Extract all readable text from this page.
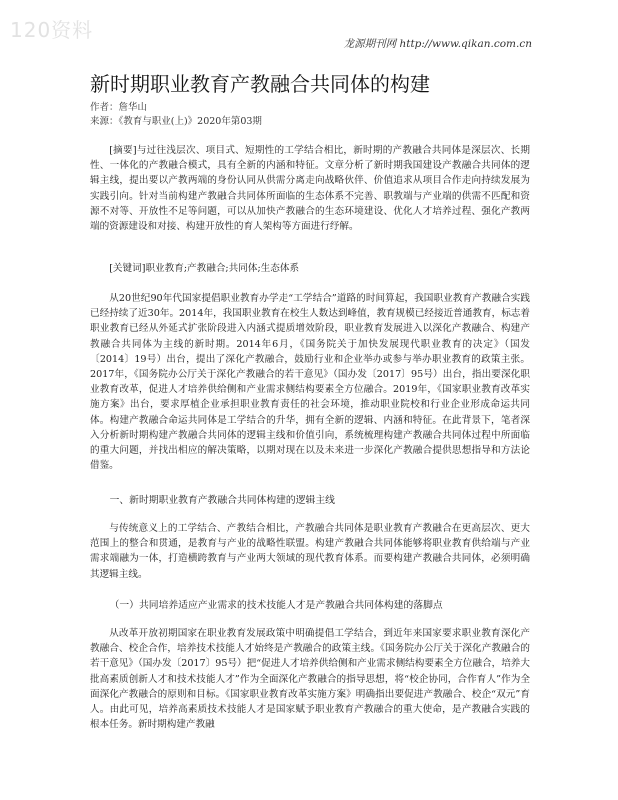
120资料
龙源期刊网 http://www.qikan.com.cn
新时期职业教育产教融合共同体的构建
作者：詹华山
来源：《教育与职业(上)》2020年第03期

[摘要]与过往浅层次、项目式、短期性的工学结合相比，新时期的产教融合共同体是深层次、长期性、一体化的产教融合模式，具有全新的内涵和特征。文章分析了新时期我国建设产教融合共同体的逻辑主线，提出要以产教两端的身份认同从供需分离走向战略伙伴、价值追求从项目合作走向持续发展为实践引向。针对当前构建产教融合共同体所面临的生态体系不完善、职教端与产业端的供需不匹配和资源不对等、开放性不足等问题，可以从加快产教融合的生态环境建设、优化人才培养过程、强化产教两端的资源建设和对接、构建开放性的育人架构等方面进行纾解。

[关键词]职业教育;产教融合;共同体;生态体系

从20世纪90年代国家提倡职业教育办学走“工学结合”道路的时间算起，我国职业教育产教融合实践已经持续了近30年。2014年，我国职业教育在校生人数达到峰值，教育规模已经接近普通教育，标志着职业教育已经从外延式扩张阶段进入内涵式提质增效阶段，职业教育发展进入以深化产教融合、构建产教融合共同体为主线的新时期。2014年6月，《国务院关于加快发展现代职业教育的决定》（国发〔2014〕19号）出台，提出了深化产教融合，鼓励行业和企业举办或参与举办职业教育的政策主张。2017年，《国务院办公厅关于深化产教融合的若干意见》（国办发〔2017〕95号）出台，指出要深化职业教育改革，促进人才培养供给侧和产业需求侧结构要素全方位融合。2019年，《国家职业教育改革实施方案》出台，要求厚植企业承担职业教育责任的社会环境，推动职业院校和行业企业形成命运共同体。构建产教融合命运共同体是工学结合的升华，拥有全新的逻辑、内涵和特征。在此背景下，笔者深入分析新时期构建产教融合共同体的逻辑主线和价值引向，系统梳理构建产教融合共同体过程中所面临的重大问题，并找出相应的解决策略，以期对现在以及未来进一步深化产教融合提供思想指导和方法论借鉴。

一、新时期职业教育产教融合共同体构建的逻辑主线

与传统意义上的工学结合、产教结合相比，产教融合共同体是职业教育产教融合在更高层次、更大范围上的整合和贯通，是教育与产业的战略性联盟。构建产教融合共同体能够将职业教育供给端与产业需求端融为一体，打造横跨教育与产业两大领域的现代教育体系。而要构建产教融合共同体，必须明确其逻辑主线。

（一）共同培养适应产业需求的技术技能人才是产教融合共同体构建的落脚点

从改革开放初期国家在职业教育发展政策中明确提倡工学结合，到近年来国家要求职业教育深化产教融合、校企合作，培养技术技能人才始终是产教融合的政策主线。《国务院办公厅关于深化产教融合的若干意见》（国办发〔2017〕95号）把“促进人才培养供给侧和产业需求侧结构要素全方位融合，培养大批高素质创新人才和技术技能人才”作为全面深化产教融合的指导思想，将“校企协同，合作育人”作为全面深化产教融合的原则和目标。《国家职业教育改革实施方案》明确指出要促进产教融合、校企“双元”育人。由此可见，培养高素质技术技能人才是国家赋予职业教育产教融合的重大使命，是产教融合实践的根本任务。新时期构建产教融
